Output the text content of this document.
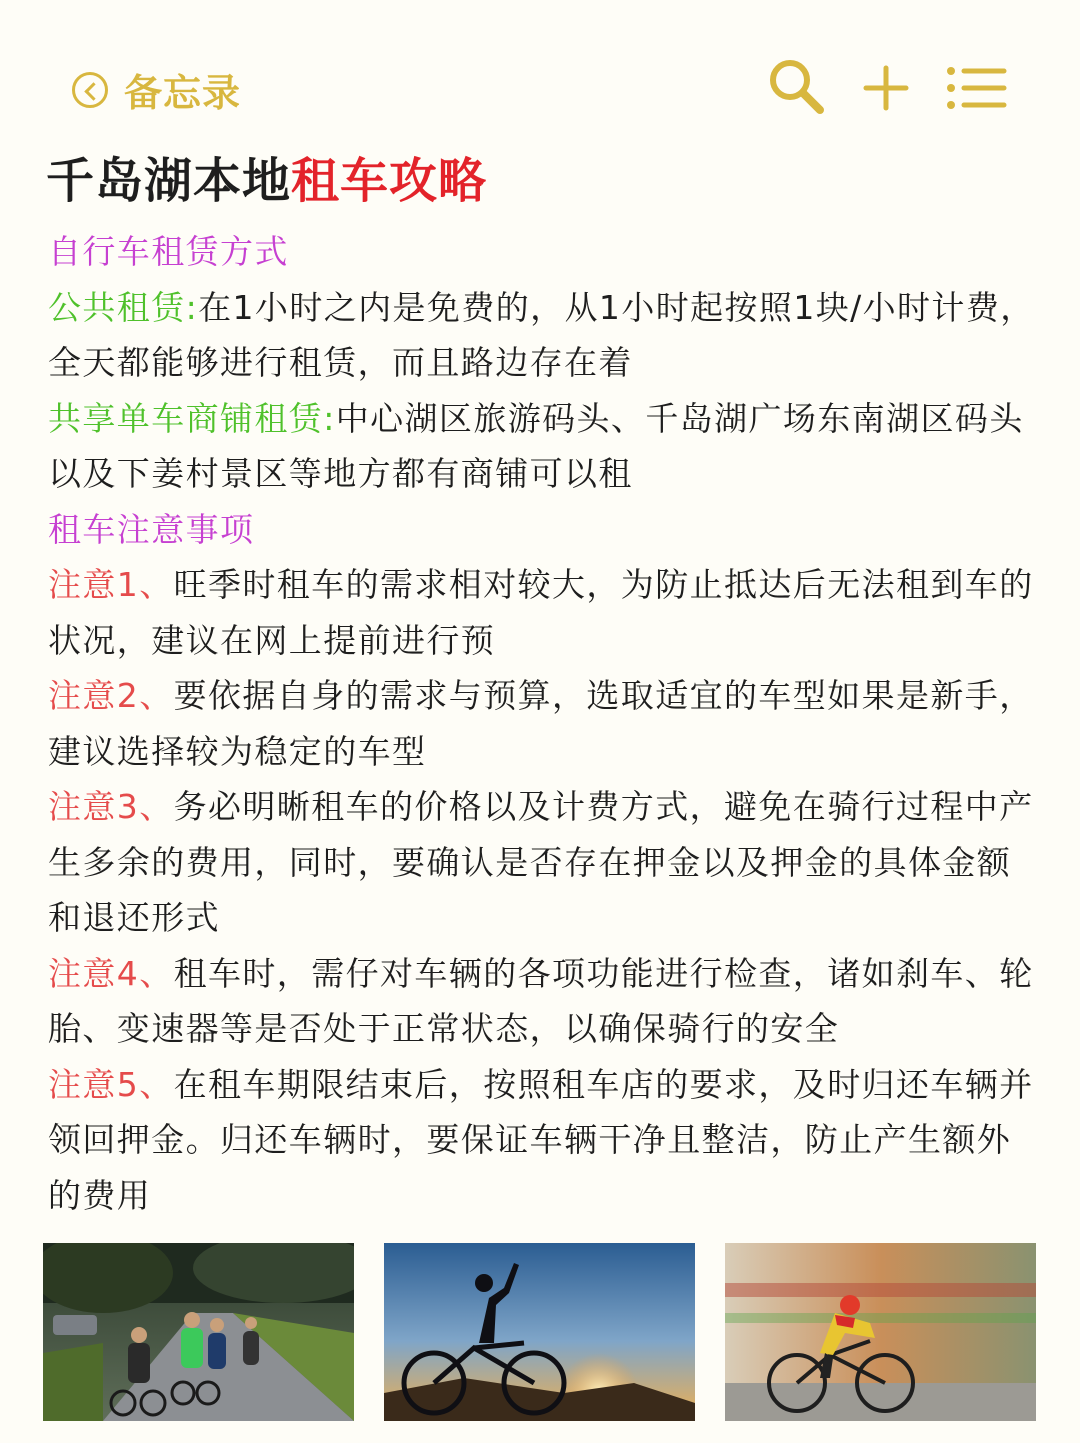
备忘录
千岛湖本地租车攻略

自行车租赁方式

公共租赁:在1小时之内是免费的，从1小时起按照1块/小时计费，全天都能够进行租赁，而且路边存在着

共享单车商铺租赁:中心湖区旅游码头、千岛湖广场东南湖区码头以及下姜村景区等地方都有商铺可以租

租车注意事项

注意1、旺季时租车的需求相对较大，为防止抵达后无法租到车的状况，建议在网上提前进行预

注意2、要依据自身的需求与预算，选取适宜的车型如果是新手，建议选择较为稳定的车型

注意3、务必明晰租车的价格以及计费方式，避免在骑行过程中产生多余的费用，同时，要确认是否存在押金以及押金的具体金额和退还形式

注意4、租车时，需仔对车辆的各项功能进行检查，诸如刹车、轮胎、变速器等是否处于正常状态，以确保骑行的安全

注意5、在租车期限结束后，按照租车店的要求，及时归还车辆并领回押金。归还车辆时，要保证车辆干净且整洁，防止产生额外的费用
